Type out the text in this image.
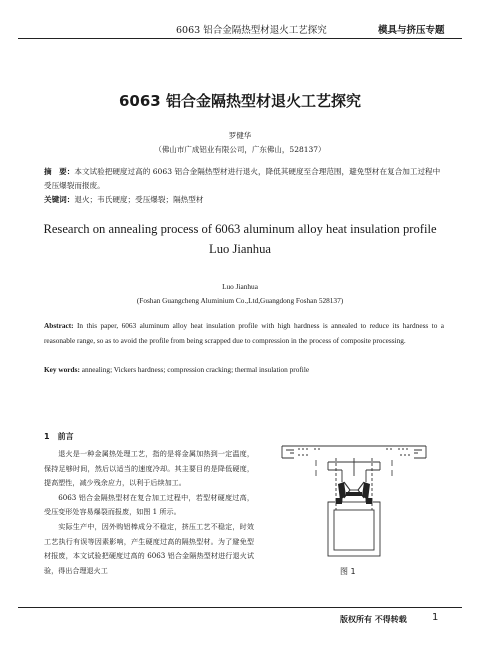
6063 铝合金隔热型材退火工艺探究	模具与挤压专题
6063 铝合金隔热型材退火工艺探究
罗健华
（佛山市广成铝业有限公司，广东佛山，528137）
摘　要：本文试验把硬度过高的 6063 铝合金隔热型材进行退火，降低其硬度至合理范围，避免型材在复合加工过程中受压爆裂而报废。
关键词：退火；韦氏硬度；受压爆裂；隔热型材
Research on annealing process of 6063 aluminum alloy heat insulation profile
Luo Jianhua
Luo Jianhua
(Foshan Guangcheng Aluminium Co.,Ltd,Guangdong Foshan 528137)
Abstract: In this paper, 6063 aluminum alloy heat insulation profile with high hardness is annealed to reduce its hardness to a reasonable range, so as to avoid the profile from being scrapped due to compression in the process of composite processing.
Key words: annealing; Vickers hardness; compression cracking; thermal insulation profile
1　前言

退火是一种金属热处理工艺，指的是将金属加热到一定温度，保持足够时间，然后以适当的速度冷却。其主要目的是降低硬度，提高塑性，减少残余应力，以利于后续加工。

6063 铝合金隔热型材在复合加工过程中，若型材硬度过高，受压变形处容易爆裂而报废，如图 1 所示。

实际生产中，因外购铝棒成分不稳定，挤压工艺不稳定，时效工艺执行有误等因素影响，产生硬度过高的隔热型材。为了避免型材报废，本文试验把硬度过高的 6063 铝合金隔热型材进行退火试验，得出合理退火工	图 1
版权所有 不得转载	1
